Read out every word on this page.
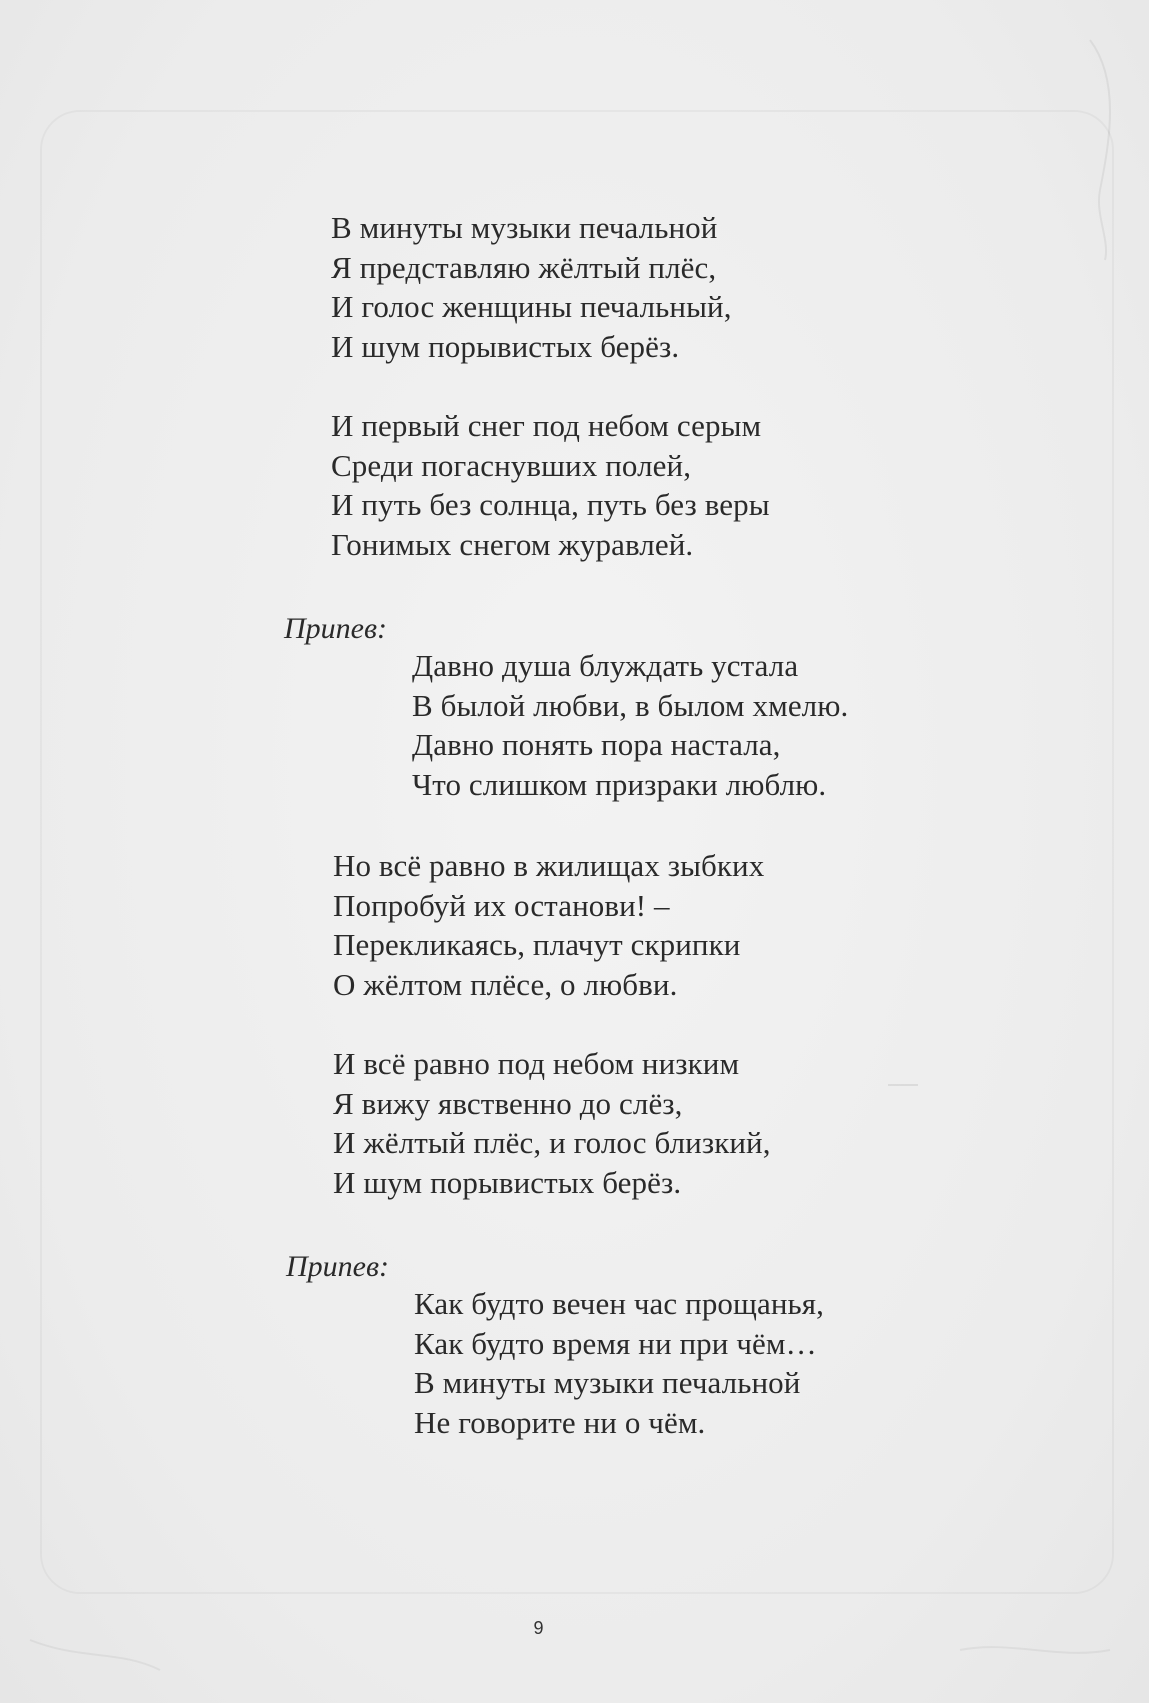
В минуты музыки печальной
Я представляю жёлтый плёс,
И голос женщины печальный,
И шум порывистых берёз.
И первый снег под небом серым
Среди погаснувших полей,
И путь без солнца, путь без веры
Гонимых снегом журавлей.
Припев:
Давно душа блуждать устала
В былой любви, в былом хмелю.
Давно понять пора настала,
Что слишком призраки люблю.
Но всё равно в жилищах зыбких
Попробуй их останови! –
Перекликаясь, плачут скрипки
О жёлтом плёсе, о любви.
И всё равно под небом низким
Я вижу явственно до слёз,
И жёлтый плёс, и голос близкий,
И шум порывистых берёз.
Припев:
Как будто вечен час прощанья,
Как будто время ни при чём…
В минуты музыки печальной
Не говорите ни о чём.
9
